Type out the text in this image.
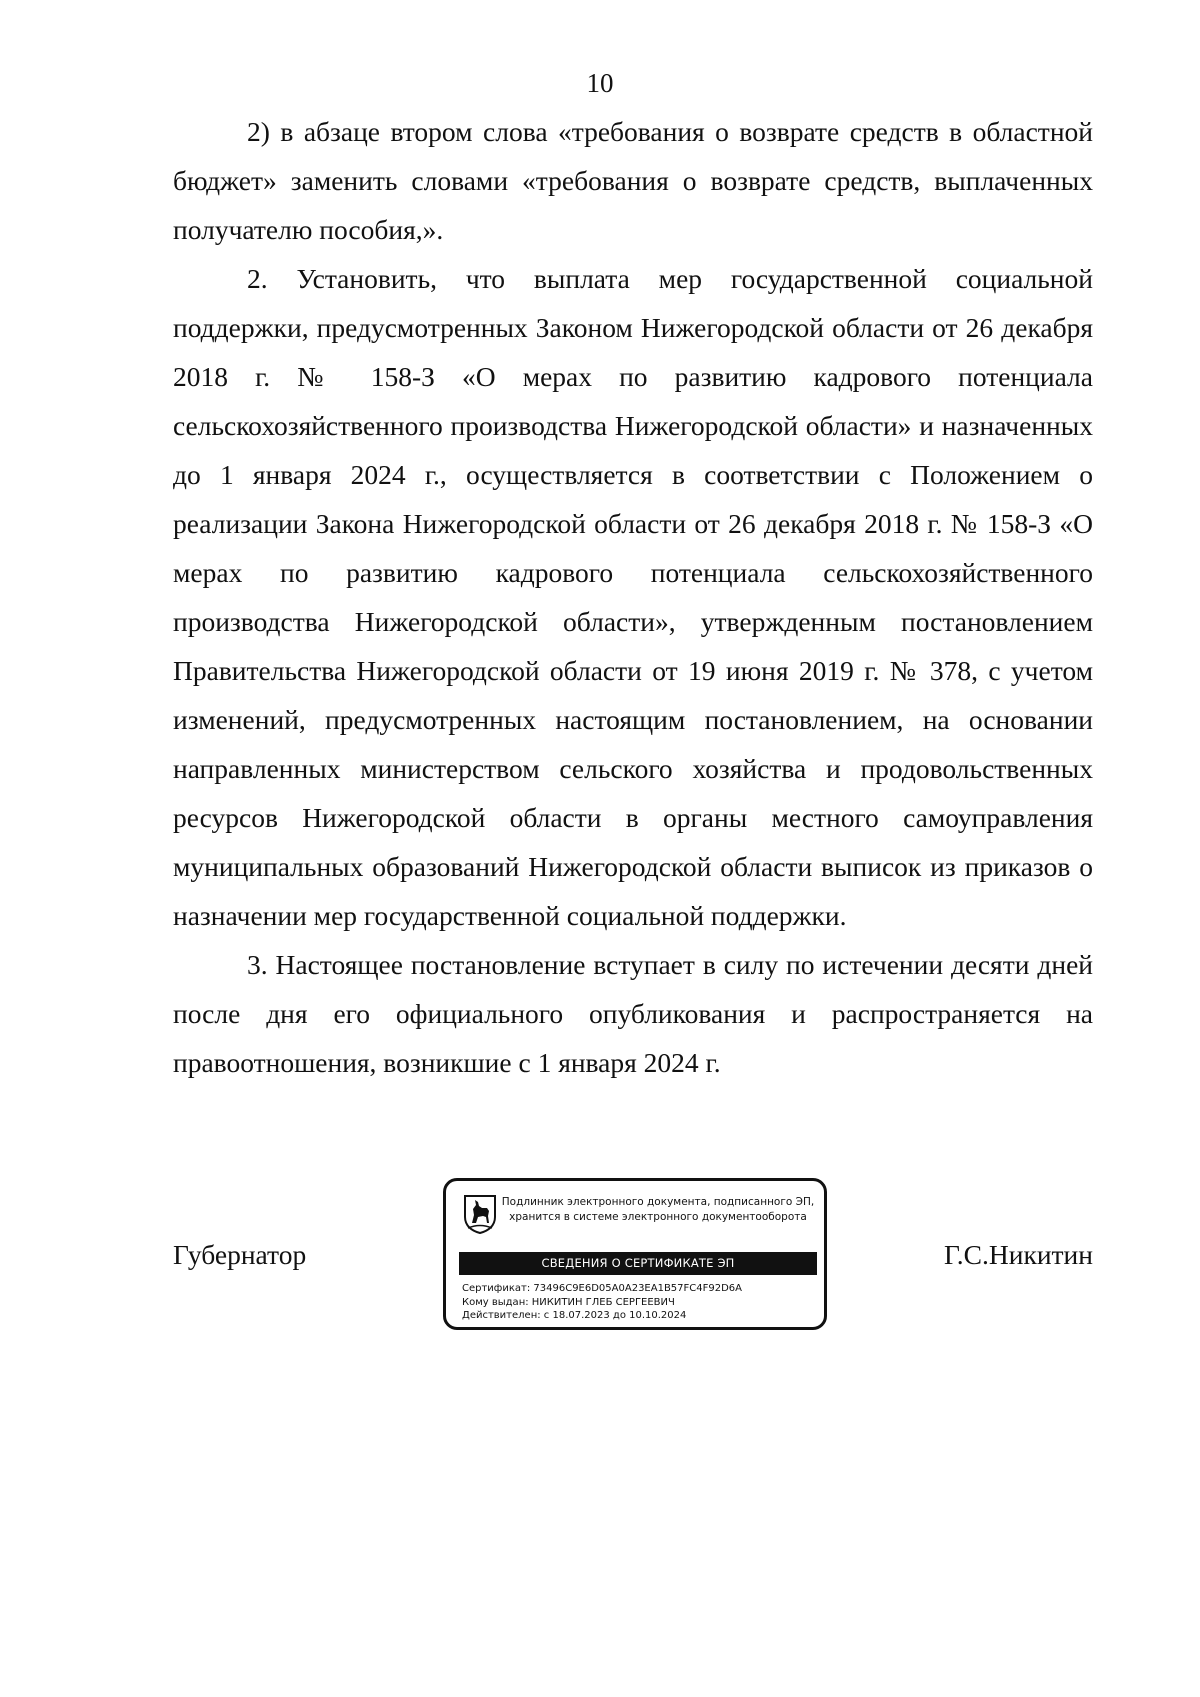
10

2) в абзаце втором слова «требования о возврате средств в областной бюджет» заменить словами «требования о возврате средств, выплаченных получателю пособия,».

2. Установить, что выплата мер государственной социальной поддержки, предусмотренных Законом Нижегородской области от 26 декабря 2018 г. № 158-З «О мерах по развитию кадрового потенциала сельскохозяйственного производства Нижегородской области» и назначенных до 1 января 2024 г., осуществляется в соответствии с Положением о реализации Закона Нижегородской области от 26 декабря 2018 г. № 158-З «О мерах по развитию кадрового потенциала сельскохозяйственного производства Нижегородской области», утвержденным постановлением Правительства Нижегородской области от 19 июня 2019 г. № 378, с учетом изменений, предусмотренных настоящим постановлением, на основании направленных министерством сельского хозяйства и продовольственных ресурсов Нижегородской области в органы местного самоуправления муниципальных образований Нижегородской области выписок из приказов о назначении мер государственной социальной поддержки.

3. Настоящее постановление вступает в силу по истечении десяти дней после дня его официального опубликования и распространяется на правоотношения, возникшие с 1 января 2024 г.

Губернатор	Г.С.Никитин
Подлинник электронного документа, подписанного ЭП,
хранится в системе электронного документооборота
СВЕДЕНИЯ О СЕРТИФИКАТЕ ЭП
Сертификат: 73496C9E6D05A0A23EA1B57FC4F92D6A
Кому выдан: НИКИТИН ГЛЕБ СЕРГЕЕВИЧ
Действителен: с 18.07.2023 до 10.10.2024
